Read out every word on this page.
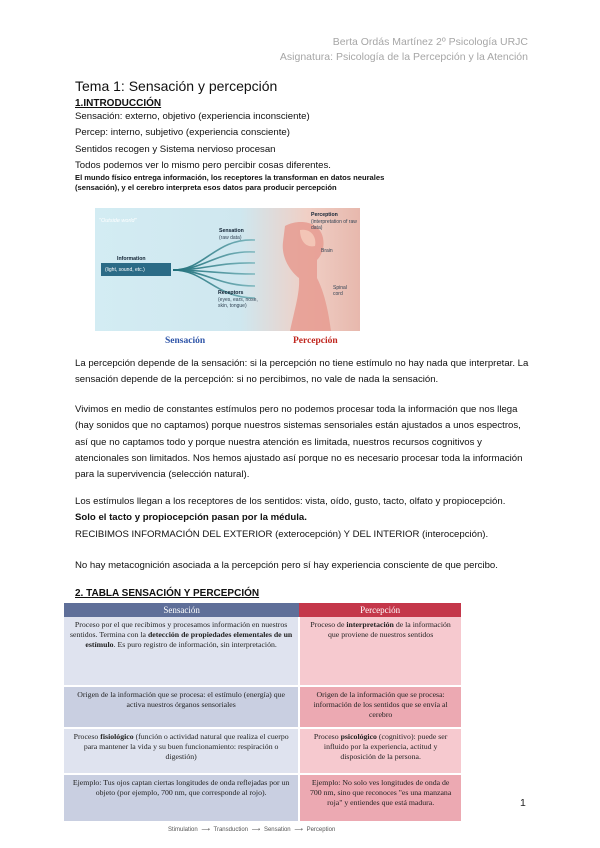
Berta Ordás Martínez 2º Psicología URJC
Asignatura: Psicología de la Percepción y la Atención
Tema 1: Sensación y percepción
1.INTRODUCCIÓN
Sensación: externo, objetivo (experiencia inconsciente)
Percep: interno, subjetivo (experiencia consciente)
Sentidos recogen y Sistema nervioso procesan
Todos podemos ver lo mismo pero percibir cosas diferentes.
El mundo físico entrega información, los receptores la transforman en datos neurales (sensación), y el cerebro interpreta esos datos para producir percepción
"Outside world"
Information
(light, sound, etc.)
Sensation
(raw data)
Receptors
(eyes, ears, nose, skin, tongue)
Perception
(interpretation of raw data)
Brain
Spinal cord
Sensación	Percepción
La percepción depende de la sensación: si la percepción no tiene estímulo no hay nada que interpretar. La sensación depende de la percepción: si no percibimos, no vale de nada la sensación.
Vivimos en medio de constantes estímulos pero no podemos procesar toda la información que nos llega (hay sonidos que no captamos) porque nuestros sistemas sensoriales están ajustados a unos espectros, así que no captamos todo y porque nuestra atención es limitada, nuestros recursos cognitivos y atencionales son limitados. Nos hemos ajustado así porque no es necesario procesar toda la información para la supervivencia (selección natural).
Los estímulos llegan a los receptores de los sentidos: vista, oído, gusto, tacto, olfato y propiocepción.
Solo el tacto y propiocepción pasan por la médula.
RECIBIMOS INFORMACIÓN DEL EXTERIOR (exterocepción) Y DEL INTERIOR (interocepción).
No hay metacognición asociada a la percepción pero sí hay experiencia consciente de que percibo.
2. TABLA SENSACIÓN Y PERCEPCIÓN
Sensación	Percepción
Proceso por el que recibimos y procesamos información en nuestros sentidos. Termina con la detección de propiedades elementales de un estímulo. Es puro registro de información, sin interpretación.	Proceso de interpretación de la información que proviene de nuestros sentidos
Origen de la información que se procesa: el estímulo (energía) que activa nuestros órganos sensoriales	Origen de la información que se procesa: información de los sentidos que se envía al cerebro
Proceso fisiológico (función o actividad natural que realiza el cuerpo para mantener la vida y su buen funcionamiento: respiración o digestión)	Proceso psicológico (cognitivo): puede ser influido por la experiencia, actitud y disposición de la persona.
Ejemplo: Tus ojos captan ciertas longitudes de onda reflejadas por un objeto (por ejemplo, 700 nm, que corresponde al rojo).	Ejemplo: No solo ves longitudes de onda de 700 nm, sino que reconoces "es una manzana roja" y entiendes que está madura.	1
Stimulation ⟶ Transduction ⟶ Sensation ⟶ Perception
